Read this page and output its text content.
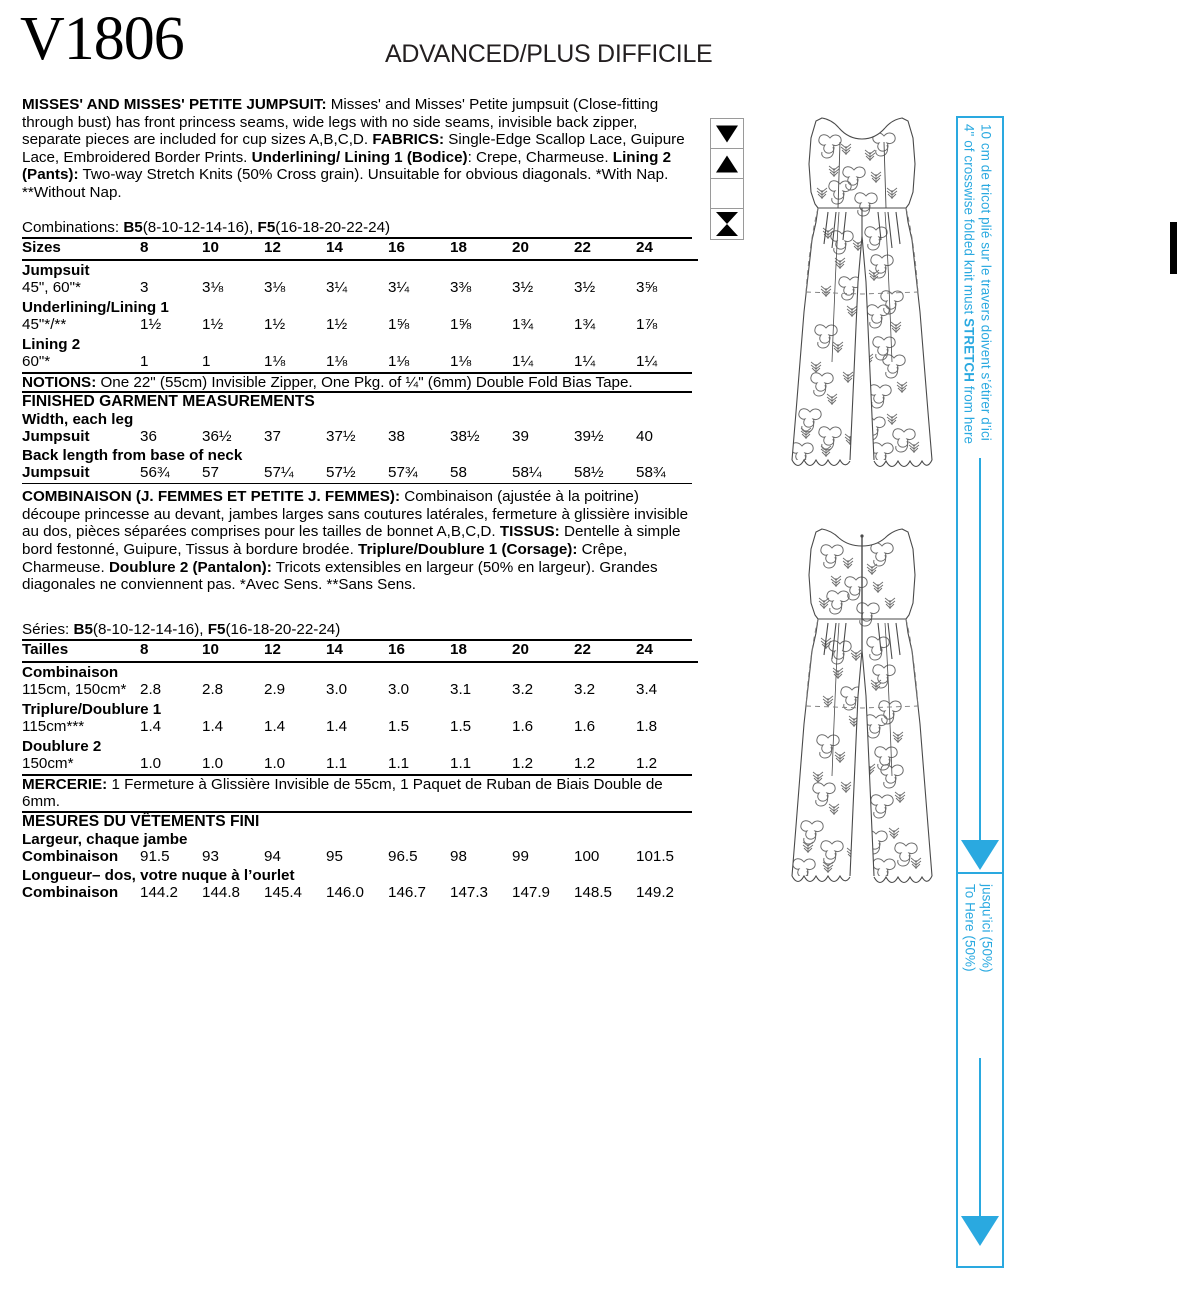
V1806	ADVANCED/PLUS DIFFICILE

MISSES' AND MISSES' PETITE JUMPSUIT: Misses' and Misses' Petite jumpsuit (Close-fitting through bust) has front princess seams, wide legs with no side seams, invisible back zipper, separate pieces are included for cup sizes A,B,C,D. FABRICS: Single-Edge Scallop Lace, Guipure Lace, Embroidered Border Prints. Underlining/ Lining 1 (Bodice): Crepe, Charmeuse. Lining 2 (Pants): Two-way Stretch Knits (50% Cross grain). Unsuitable for obvious diagonals. *With Nap. **Without Nap.

Combinations: B5(8-10-12-14-16), F5(16-18-20-22-24)

Sizes	8	10	12	14	16	18	20	22	24

Jumpsuit									
45", 60"*	3	3⅛	3⅛	3¼	3¼	3⅜	3½	3½	3⅝
Underlining/Lining 1									
45"*/**	1½	1½	1½	1½	1⅝	1⅝	1¾	1¾	1⅞
Lining 2									
60"*	1	1	1⅛	1⅛	1⅛	1⅛	1¼	1¼	1¼

NOTIONS: One 22" (55cm) Invisible Zipper, One Pkg. of ¼" (6mm) Double Fold Bias Tape.

FINISHED GARMENT MEASUREMENTS
Width, each leg									
Jumpsuit	36	36½	37	37½	38	38½	39	39½	40
Back length from base of neck									
Jumpsuit	56¾	57	57¼	57½	57¾	58	58¼	58½	58¾

COMBINAISON (J. FEMMES ET PETITE J. FEMMES): Combinaison (ajustée à la poitrine) découpe princesse au devant, jambes larges sans coutures latérales, fermeture à glissière invisible au dos, pièces séparées comprises pour les tailles de bonnet A,B,C,D. TISSUS: Dentelle à simple bord festonné, Guipure, Tissus à bordure brodée. Triplure/Doublure 1 (Corsage): Crêpe, Charmeuse. Doublure 2 (Pantalon): Tricots extensibles en largeur (50% en largeur). Grandes diagonales ne conviennent pas. *Avec Sens. **Sans Sens.

Séries: B5(8-10-12-14-16), F5(16-18-20-22-24)

Tailles	8	10	12	14	16	18	20	22	24

Combinaison									
115cm, 150cm*	2.8	2.8	2.9	3.0	3.0	3.1	3.2	3.2	3.4
Triplure/Doublure 1									
115cm***	1.4	1.4	1.4	1.4	1.5	1.5	1.6	1.6	1.8
Doublure 2									
150cm*	1.0	1.0	1.0	1.1	1.1	1.1	1.2	1.2	1.2

MERCERIE: 1 Fermeture à Glissière Invisible de 55cm, 1 Paquet de Ruban de Biais Double de 6mm.

MESURES DU VÊTEMENTS FINI
Largeur, chaque jambe									
Combinaison	91.5	93	94	95	96.5	98	99	100	101.5
Longueur– dos, votre nuque à l’ourlet									
Combinaison	144.2	144.8	145.4	146.0	146.7	147.3	147.9	148.5	149.2
4" of crosswise folded knit must STRETCH from here 10 cm de tricot plié sur le travers doivent s’étirer d’ici
To Here (50%) jusqu’ici (50%)
